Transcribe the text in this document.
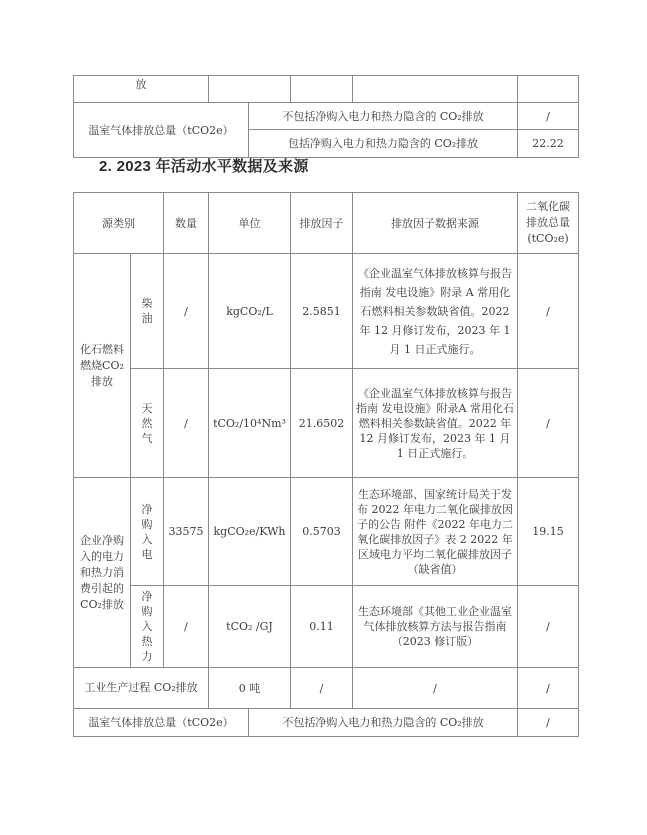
放					
温室气体排放总量（tCO2e）		不包括净购入电力和热力隐含的 CO₂排放			/
		包括净购入电力和热力隐含的 CO₂排放			22.22
2. 2023 年活动水平数据及来源
源类别		数量	单位		排放因子	排放因子数据来源	二氧化碳排放总量(tCO₂e)
化石燃料燃烧CO₂排放	柴油	/	kgCO₂/L		2.5851	《企业温室气体排放核算与报告指南 发电设施》附录 A 常用化石燃料相关参数缺省值。2022 年 12 月修订发布，2023 年 1 月 1 日正式施行。	/
	天然气	/	tCO₂/10⁴Nm³		21.6502	《企业温室气体排放核算与报告指南 发电设施》附录A 常用化石燃料相关参数缺省值。2022 年 12 月修订发布，2023 年 1 月 1 日正式施行。	/
企业净购入的电力和热力消费引起的 CO₂排放	净购入电	33575	kgCO₂e/KWh		0.5703	生态环境部、国家统计局关于发布 2022 年电力二氧化碳排放因子的公告 附件《2022 年电力二氧化碳排放因子》表 2 2022 年区域电力平均二氧化碳排放因子（缺省值）	19.15
	净购入热力	/	tCO₂ /GJ		0.11	生态环境部《其他工业企业温室气体排放核算方法与报告指南（2023 修订版）	/
工业生产过程 CO₂排放			0 吨		/	/	/
温室气体排放总量（tCO2e）				不包括净购入电力和热力隐含的 CO₂排放			/
